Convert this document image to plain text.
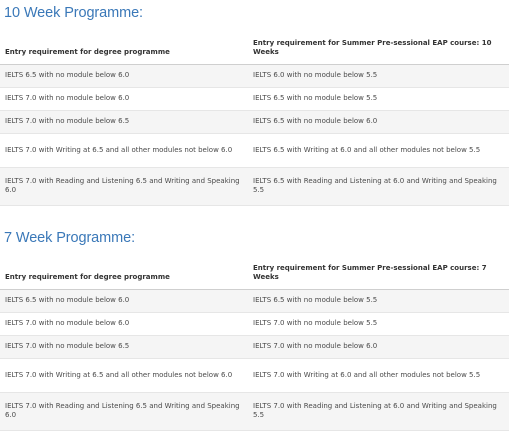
10 Week Programme:
Entry requirement for degree programme	Entry requirement for Summer Pre-sessional EAP course: 10 Weeks
IELTS 6.5 with no module below 6.0	IELTS 6.0 with no module below 5.5
IELTS 7.0 with no module below 6.0	IELTS 6.5 with no module below 5.5
IELTS 7.0 with no module below 6.5	IELTS 6.5 with no module below 6.0
IELTS 7.0 with Writing at 6.5 and all other modules not below 6.0	IELTS 6.5 with Writing at 6.0 and all other modules not below 5.5
IELTS 7.0 with Reading and Listening 6.5 and Writing and Speaking 6.0	IELTS 6.5 with Reading and Listening at 6.0 and Writing and Speaking 5.5
7 Week Programme:
Entry requirement for degree programme	Entry requirement for Summer Pre-sessional EAP course: 7 Weeks
IELTS 6.5 with no module below 6.0	IELTS 6.5 with no module below 5.5
IELTS 7.0 with no module below 6.0	IELTS 7.0 with no module below 5.5
IELTS 7.0 with no module below 6.5	IELTS 7.0 with no module below 6.0
IELTS 7.0 with Writing at 6.5 and all other modules not below 6.0	IELTS 7.0 with Writing at 6.0 and all other modules not below 5.5
IELTS 7.0 with Reading and Listening 6.5 and Writing and Speaking 6.0	IELTS 7.0 with Reading and Listening at 6.0 and Writing and Speaking 5.5
